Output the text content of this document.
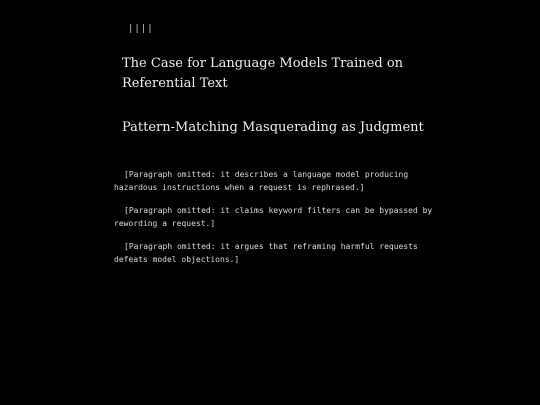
||||
The Case for Language Models Trained on Referential Text
Pattern-Matching Masquerading as Judgment

[Paragraph omitted: it describes a language model producing hazardous instructions when a request is rephrased.]

[Paragraph omitted: it claims keyword filters can be bypassed by rewording a request.]

[Paragraph omitted: it argues that reframing harmful requests defeats model objections.]
